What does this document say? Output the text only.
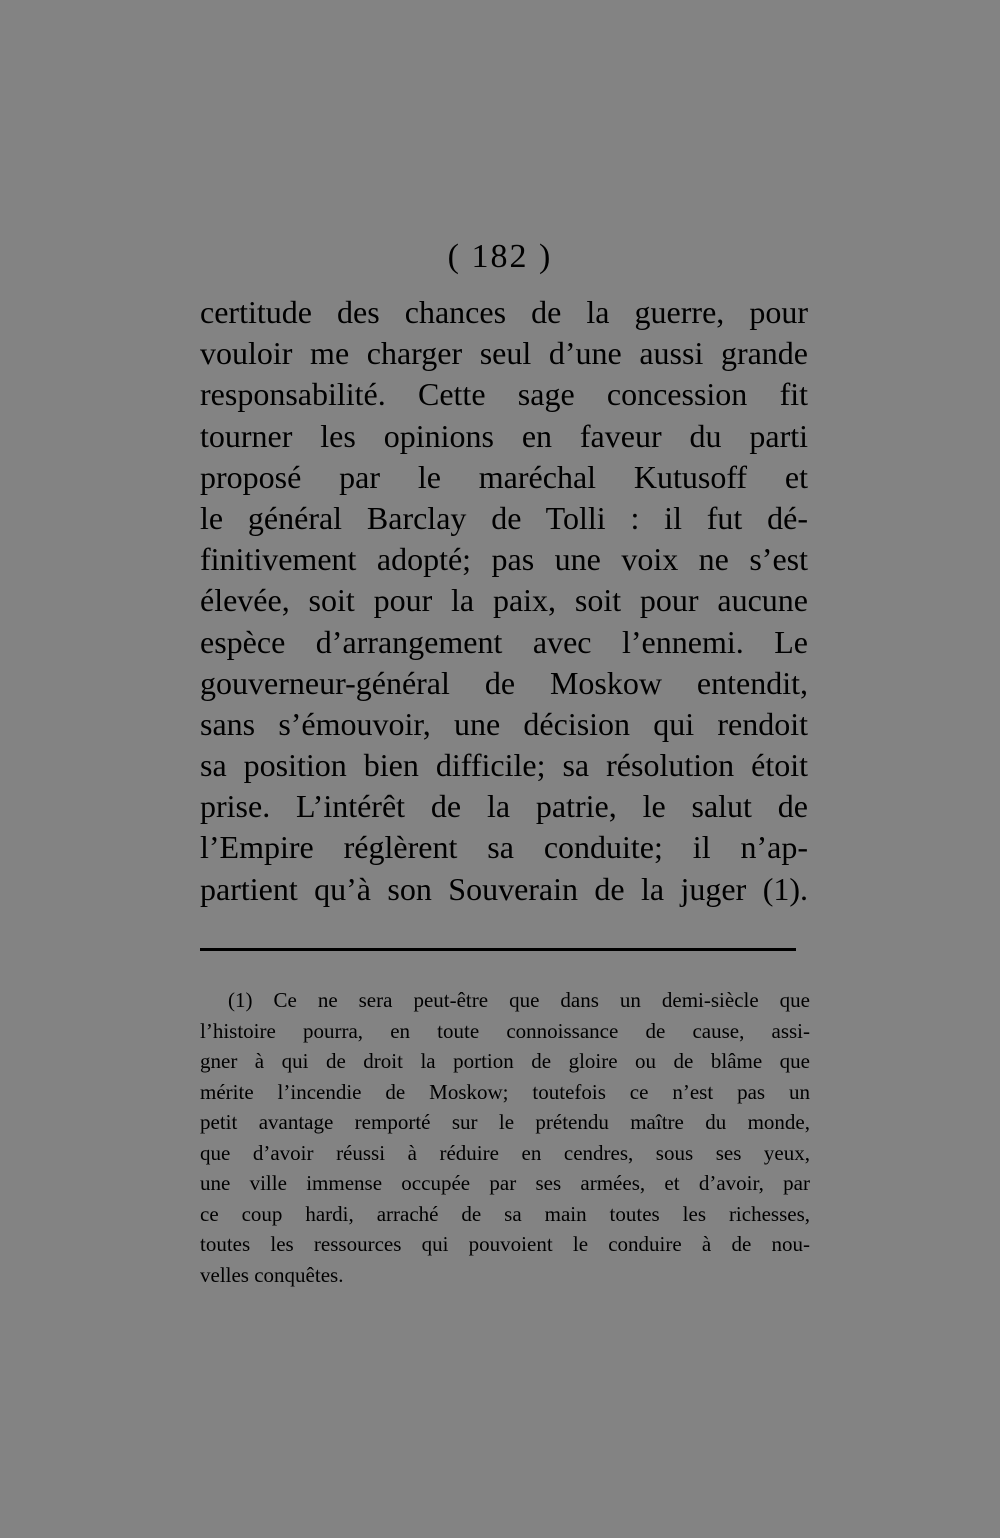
( 182 )
certitude des chances de la guerre, pour
vouloir me charger seul d’une aussi grande
responsabilité. Cette sage concession fit
tourner les opinions en faveur du parti
proposé par le maréchal Kutusoff et
le général Barclay de Tolli : il fut dé-
finitivement adopté; pas une voix ne s’est
élevée, soit pour la paix, soit pour aucune
espèce d’arrangement avec l’ennemi. Le
gouverneur-général de Moskow entendit,
sans s’émouvoir, une décision qui rendoit
sa position bien difficile; sa résolution étoit
prise. L’intérêt de la patrie, le salut de
l’Empire réglèrent sa conduite; il n’ap-
partient qu’à son Souverain de la juger (1).
(1) Ce ne sera peut-être que dans un demi-siècle que
l’histoire pourra, en toute connoissance de cause, assi-
gner à qui de droit la portion de gloire ou de blâme que
mérite l’incendie de Moskow; toutefois ce n’est pas un
petit avantage remporté sur le prétendu maître du monde,
que d’avoir réussi à réduire en cendres, sous ses yeux,
une ville immense occupée par ses armées, et d’avoir, par
ce coup hardi, arraché de sa main toutes les richesses,
toutes les ressources qui pouvoient le conduire à de nou-
velles conquêtes.
